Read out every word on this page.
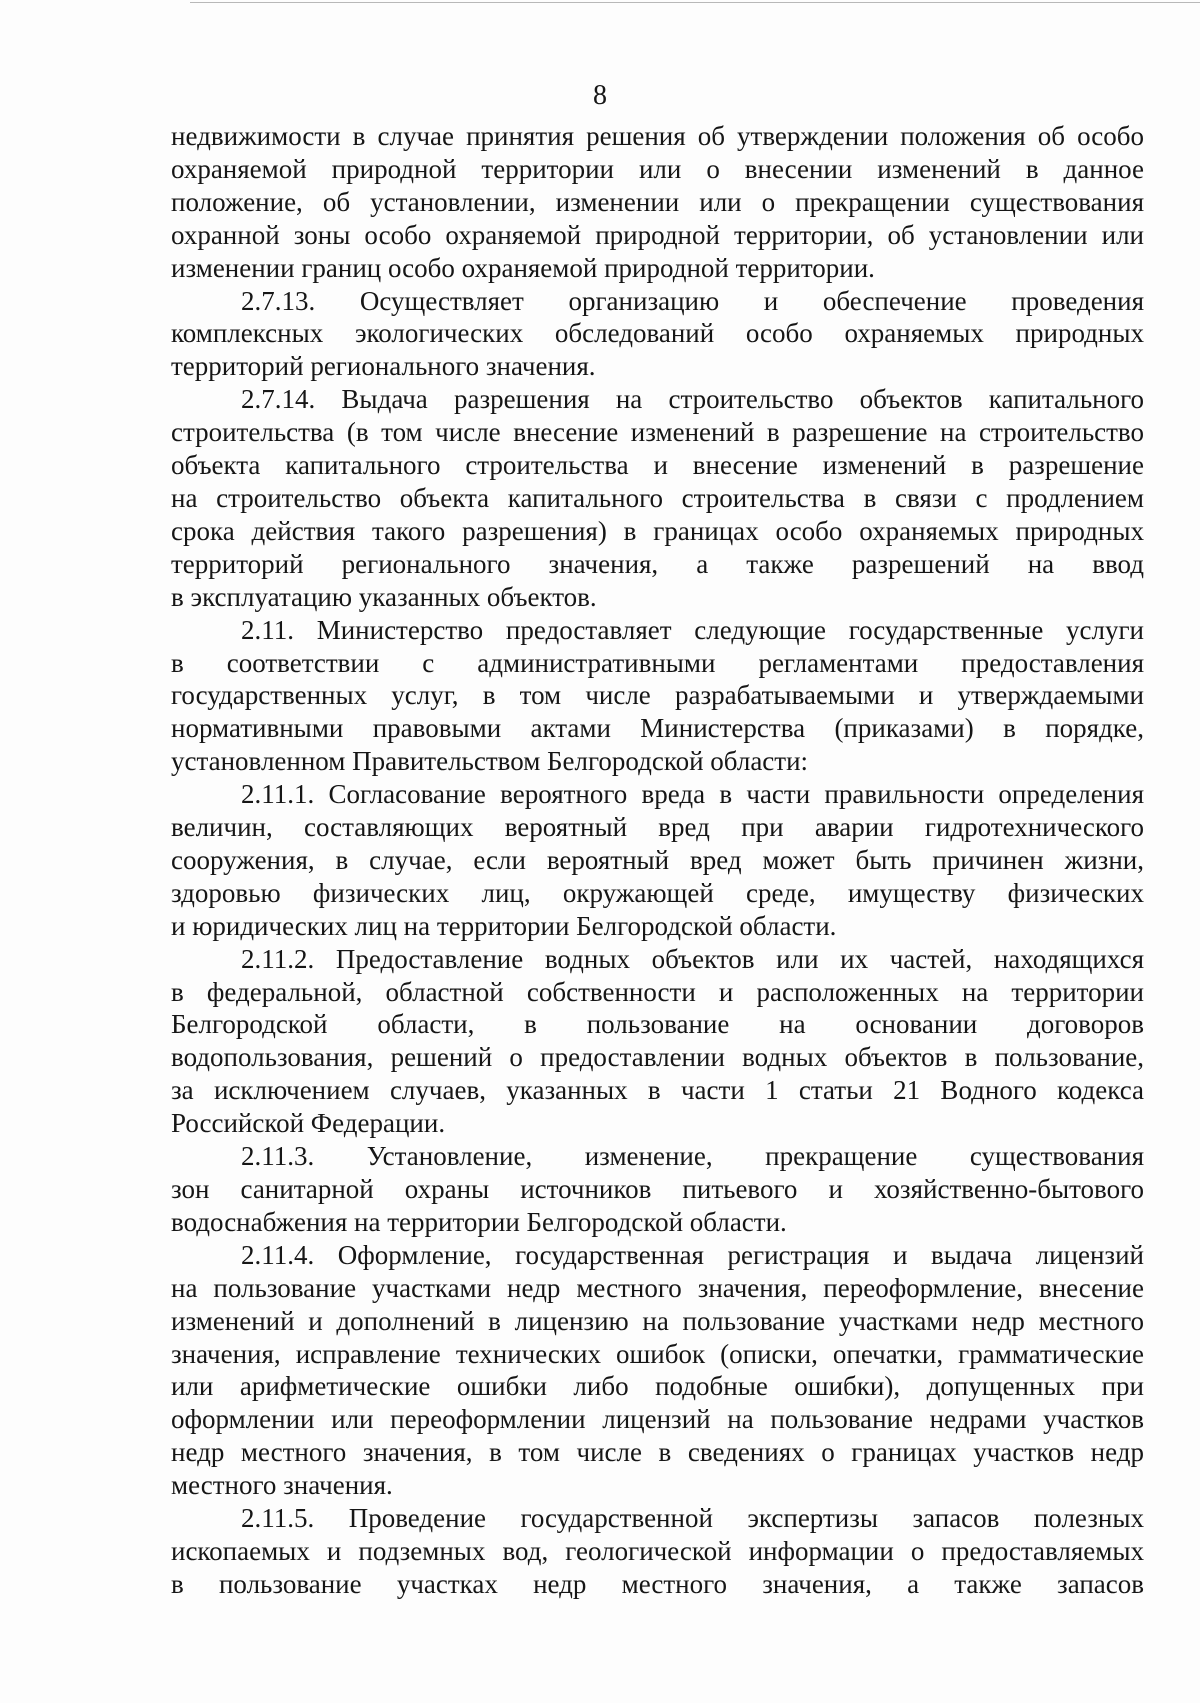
8

недвижимости в случае принятия решения об утверждении положения об особо

охраняемой природной территории или о внесении изменений в данное

положение, об установлении, изменении или о прекращении существования

охранной зоны особо охраняемой природной территории, об установлении или

изменении границ особо охраняемой природной территории.

2.7.13. Осуществляет организацию и обеспечение проведения

комплексных экологических обследований особо охраняемых природных

территорий регионального значения.

2.7.14. Выдача разрешения на строительство объектов капитального

строительства (в том числе внесение изменений в разрешение на строительство

объекта капитального строительства и внесение изменений в разрешение

на строительство объекта капитального строительства в связи с продлением

срока действия такого разрешения) в границах особо охраняемых природных

территорий регионального значения, а также разрешений на ввод

в эксплуатацию указанных объектов.

2.11. Министерство предоставляет следующие государственные услуги

в соответствии с административными регламентами предоставления

государственных услуг, в том числе разрабатываемыми и утверждаемыми

нормативными правовыми актами Министерства (приказами) в порядке,

установленном Правительством Белгородской области:

2.11.1. Согласование вероятного вреда в части правильности определения

величин, составляющих вероятный вред при аварии гидротехнического

сооружения, в случае, если вероятный вред может быть причинен жизни,

здоровью физических лиц, окружающей среде, имуществу физических

и юридических лиц на территории Белгородской области.

2.11.2. Предоставление водных объектов или их частей, находящихся

в федеральной, областной собственности и расположенных на территории

Белгородской области, в пользование на основании договоров

водопользования, решений о предоставлении водных объектов в пользование,

за исключением случаев, указанных в части 1 статьи 21 Водного кодекса

Российской Федерации.

2.11.3. Установление, изменение, прекращение существования

зон санитарной охраны источников питьевого и хозяйственно-бытового

водоснабжения на территории Белгородской области.

2.11.4. Оформление, государственная регистрация и выдача лицензий

на пользование участками недр местного значения, переоформление, внесение

изменений и дополнений в лицензию на пользование участками недр местного

значения, исправление технических ошибок (описки, опечатки, грамматические

или арифметические ошибки либо подобные ошибки), допущенных при

оформлении или переоформлении лицензий на пользование недрами участков

недр местного значения, в том числе в сведениях о границах участков недр

местного значения.

2.11.5. Проведение государственной экспертизы запасов полезных

ископаемых и подземных вод, геологической информации о предоставляемых

в пользование участках недр местного значения, а также запасов
